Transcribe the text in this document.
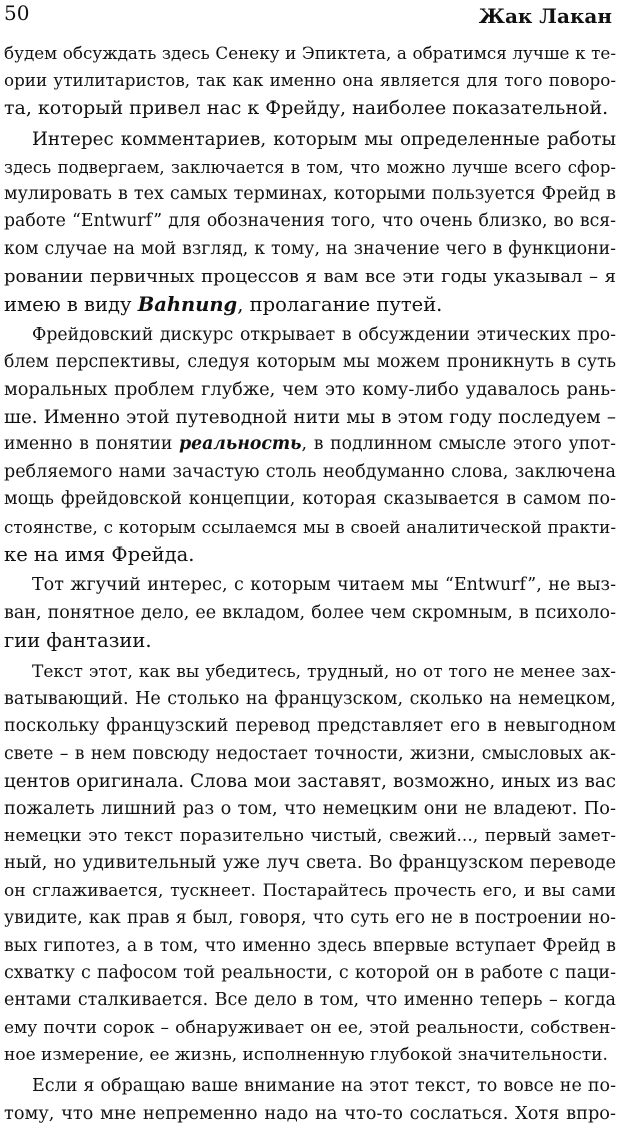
50	Жак Лакан
будем обсуждать здесь Сенеку и Эпиктета, а обратимся лучше к те-
ории утилитаристов, так как именно она является для того поворо-
та, который привел нас к Фрейду, наиболее показательной.
Интерес комментариев, которым мы определенные работы
здесь подвергаем, заключается в том, что можно лучше всего сфор-
мулировать в тех самых терминах, которыми пользуется Фрейд в
работе “Entwurf” для обозначения того, что очень близко, во вся-
ком случае на мой взгляд, к тому, на значение чего в функциони-
ровании первичных процессов я вам все эти годы указывал – я
имею в виду Bahnung, пролагание путей.
Фрейдовский дискурс открывает в обсуждении этических про-
блем перспективы, следуя которым мы можем проникнуть в суть
моральных проблем глубже, чем это кому-либо удавалось рань-
ше. Именно этой путеводной нити мы в этом году последуем –
именно в понятии реальность, в подлинном смысле этого упот-
ребляемого нами зачастую столь необдуманно слова, заключена
мощь фрейдовской концепции, которая сказывается в самом по-
стоянстве, с которым ссылаемся мы в своей аналитической практи-
ке на имя Фрейда.
Тот жгучий интерес, с которым читаем мы “Entwurf”, не выз-
ван, понятное дело, ее вкладом, более чем скромным, в психоло-
гии фантазии.
Текст этот, как вы убедитесь, трудный, но от того не менее зах-
ватывающий. Не столько на французском, сколько на немецком,
поскольку французский перевод представляет его в невыгодном
свете – в нем повсюду недостает точности, жизни, смысловых ак-
центов оригинала. Слова мои заставят, возможно, иных из вас
пожалеть лишний раз о том, что немецким они не владеют. По-
немецки это текст поразительно чистый, свежий..., первый замет-
ный, но удивительный уже луч света. Во французском переводе
он сглаживается, тускнеет. Постарайтесь прочесть его, и вы сами
увидите, как прав я был, говоря, что суть его не в построении но-
вых гипотез, а в том, что именно здесь впервые вступает Фрейд в
схватку с пафосом той реальности, с которой он в работе с паци-
ентами сталкивается. Все дело в том, что именно теперь – когда
ему почти сорок – обнаруживает он ее, этой реальности, собствен-
ное измерение, ее жизнь, исполненную глубокой значительности.
Если я обращаю ваше внимание на этот текст, то вовсе не по-
тому, что мне непременно надо на что-то сослаться. Хотя впро-
